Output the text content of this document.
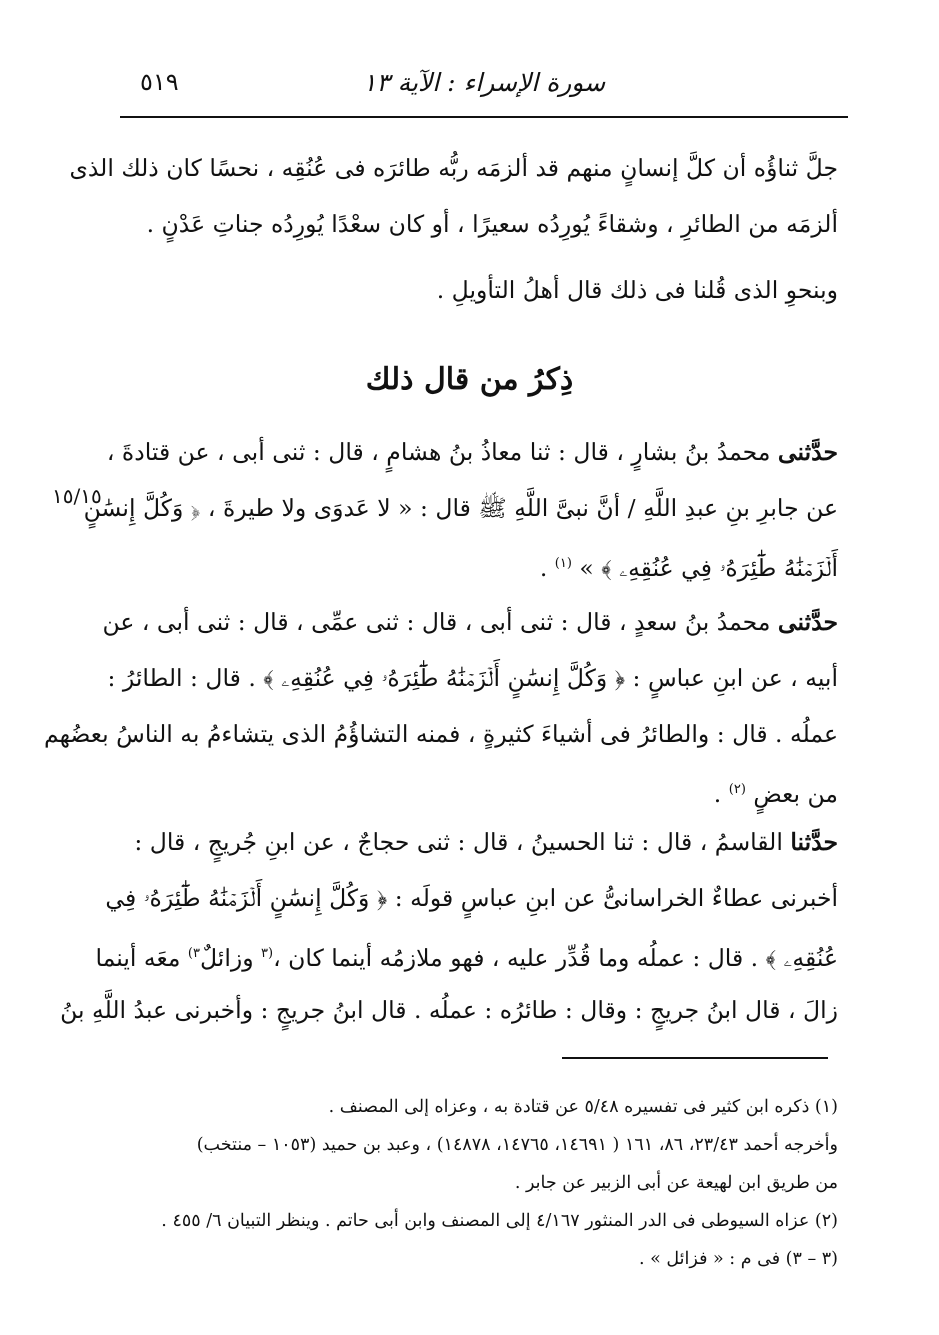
٥١٩	سورة الإسراء : الآية ١٣
جلَّ ثناؤُه أن كلَّ إنسانٍ منهم قد ألزمَه ربُّه طائرَه فى عُنُقِه ، نحسًا كان ذلك الذى
ألزمَه من الطائرِ ، وشقاءً يُورِدُه سعيرًا ، أو كان سعْدًا يُورِدُه جناتِ عَدْنٍ .
وبنحوِ الذى قُلنا فى ذلك قال أهلُ التأويلِ .
ذِكرُ من قال ذلك
١٥/١٥
حدَّثنى محمدُ بنُ بشارٍ ، قال : ثنا معاذُ بنُ هشامٍ ، قال : ثنى أبى ، عن قتادةَ ،
عن جابرِ بنِ عبدِ اللَّهِ / أنَّ نبىَّ اللَّهِ ﷺ قال : « لا عَدوَى ولا طيرةَ ، ﴿ وَكُلَّ إِنسَٰنٍ
أَلۡزَمۡنَٰهُ طَٰٓئِرَهُۥ فِي عُنُقِهِۦ ﴾ » $^{(١)}$ .
حدَّثنى محمدُ بنُ سعدٍ ، قال : ثنى أبى ، قال : ثنى عمِّى ، قال : ثنى أبى ، عن
أبيه ، عن ابنِ عباسٍ : ﴿ وَكُلَّ إِنسَٰنٍ أَلۡزَمۡنَٰهُ طَٰٓئِرَهُۥ فِي عُنُقِهِۦ ﴾ . قال : الطائرُ :
عملُه . قال : والطائرُ فى أشياءَ كثيرةٍ ، فمنه التشاؤُمُ الذى يتشاءمُ به الناسُ بعضُهم
من بعضٍ $^{(٢)}$ .
حدَّثنا القاسمُ ، قال : ثنا الحسينُ ، قال : ثنى حجاجٌ ، عن ابنِ جُريجٍ ، قال :
أخبرنى عطاءٌ الخراسانىُّ عن ابنِ عباسٍ قولَه : ﴿ وَكُلَّ إِنسَٰنٍ أَلۡزَمۡنَٰهُ طَٰٓئِرَهُۥ فِي
عُنُقِهِۦ ﴾ . قال : عملُه وما قُدِّر عليه ، فهو ملازمُه أينما كان ،$^{(٣}$ وزائلٌ$^{٣)}$ معَه أينما
زالَ ، قال ابنُ جريجٍ : وقال : طائرُه : عملُه . قال ابنُ جريجٍ : وأخبرنى عبدُ اللَّهِ بنُ
(١) ذكره ابن كثير فى تفسيره ٥/٤٨ عن قتادة به ، وعزاه إلى المصنف .
وأخرجه أحمد ٢٣/٤٣، ٨٦، ١٦١ ( ١٤٦٩١، ١٤٧٦٥، ١٤٨٧٨) ، وعبد بن حميد (١٠٥٣ – منتخب)
من طريق ابن لهيعة عن أبى الزبير عن جابر .
(٢) عزاه السيوطى فى الدر المنثور ٤/١٦٧ إلى المصنف وابن أبى حاتم . وينظر التبيان ٦/ ٤٥٥ .
(٣ – ٣) فى م : « فزائل » .
